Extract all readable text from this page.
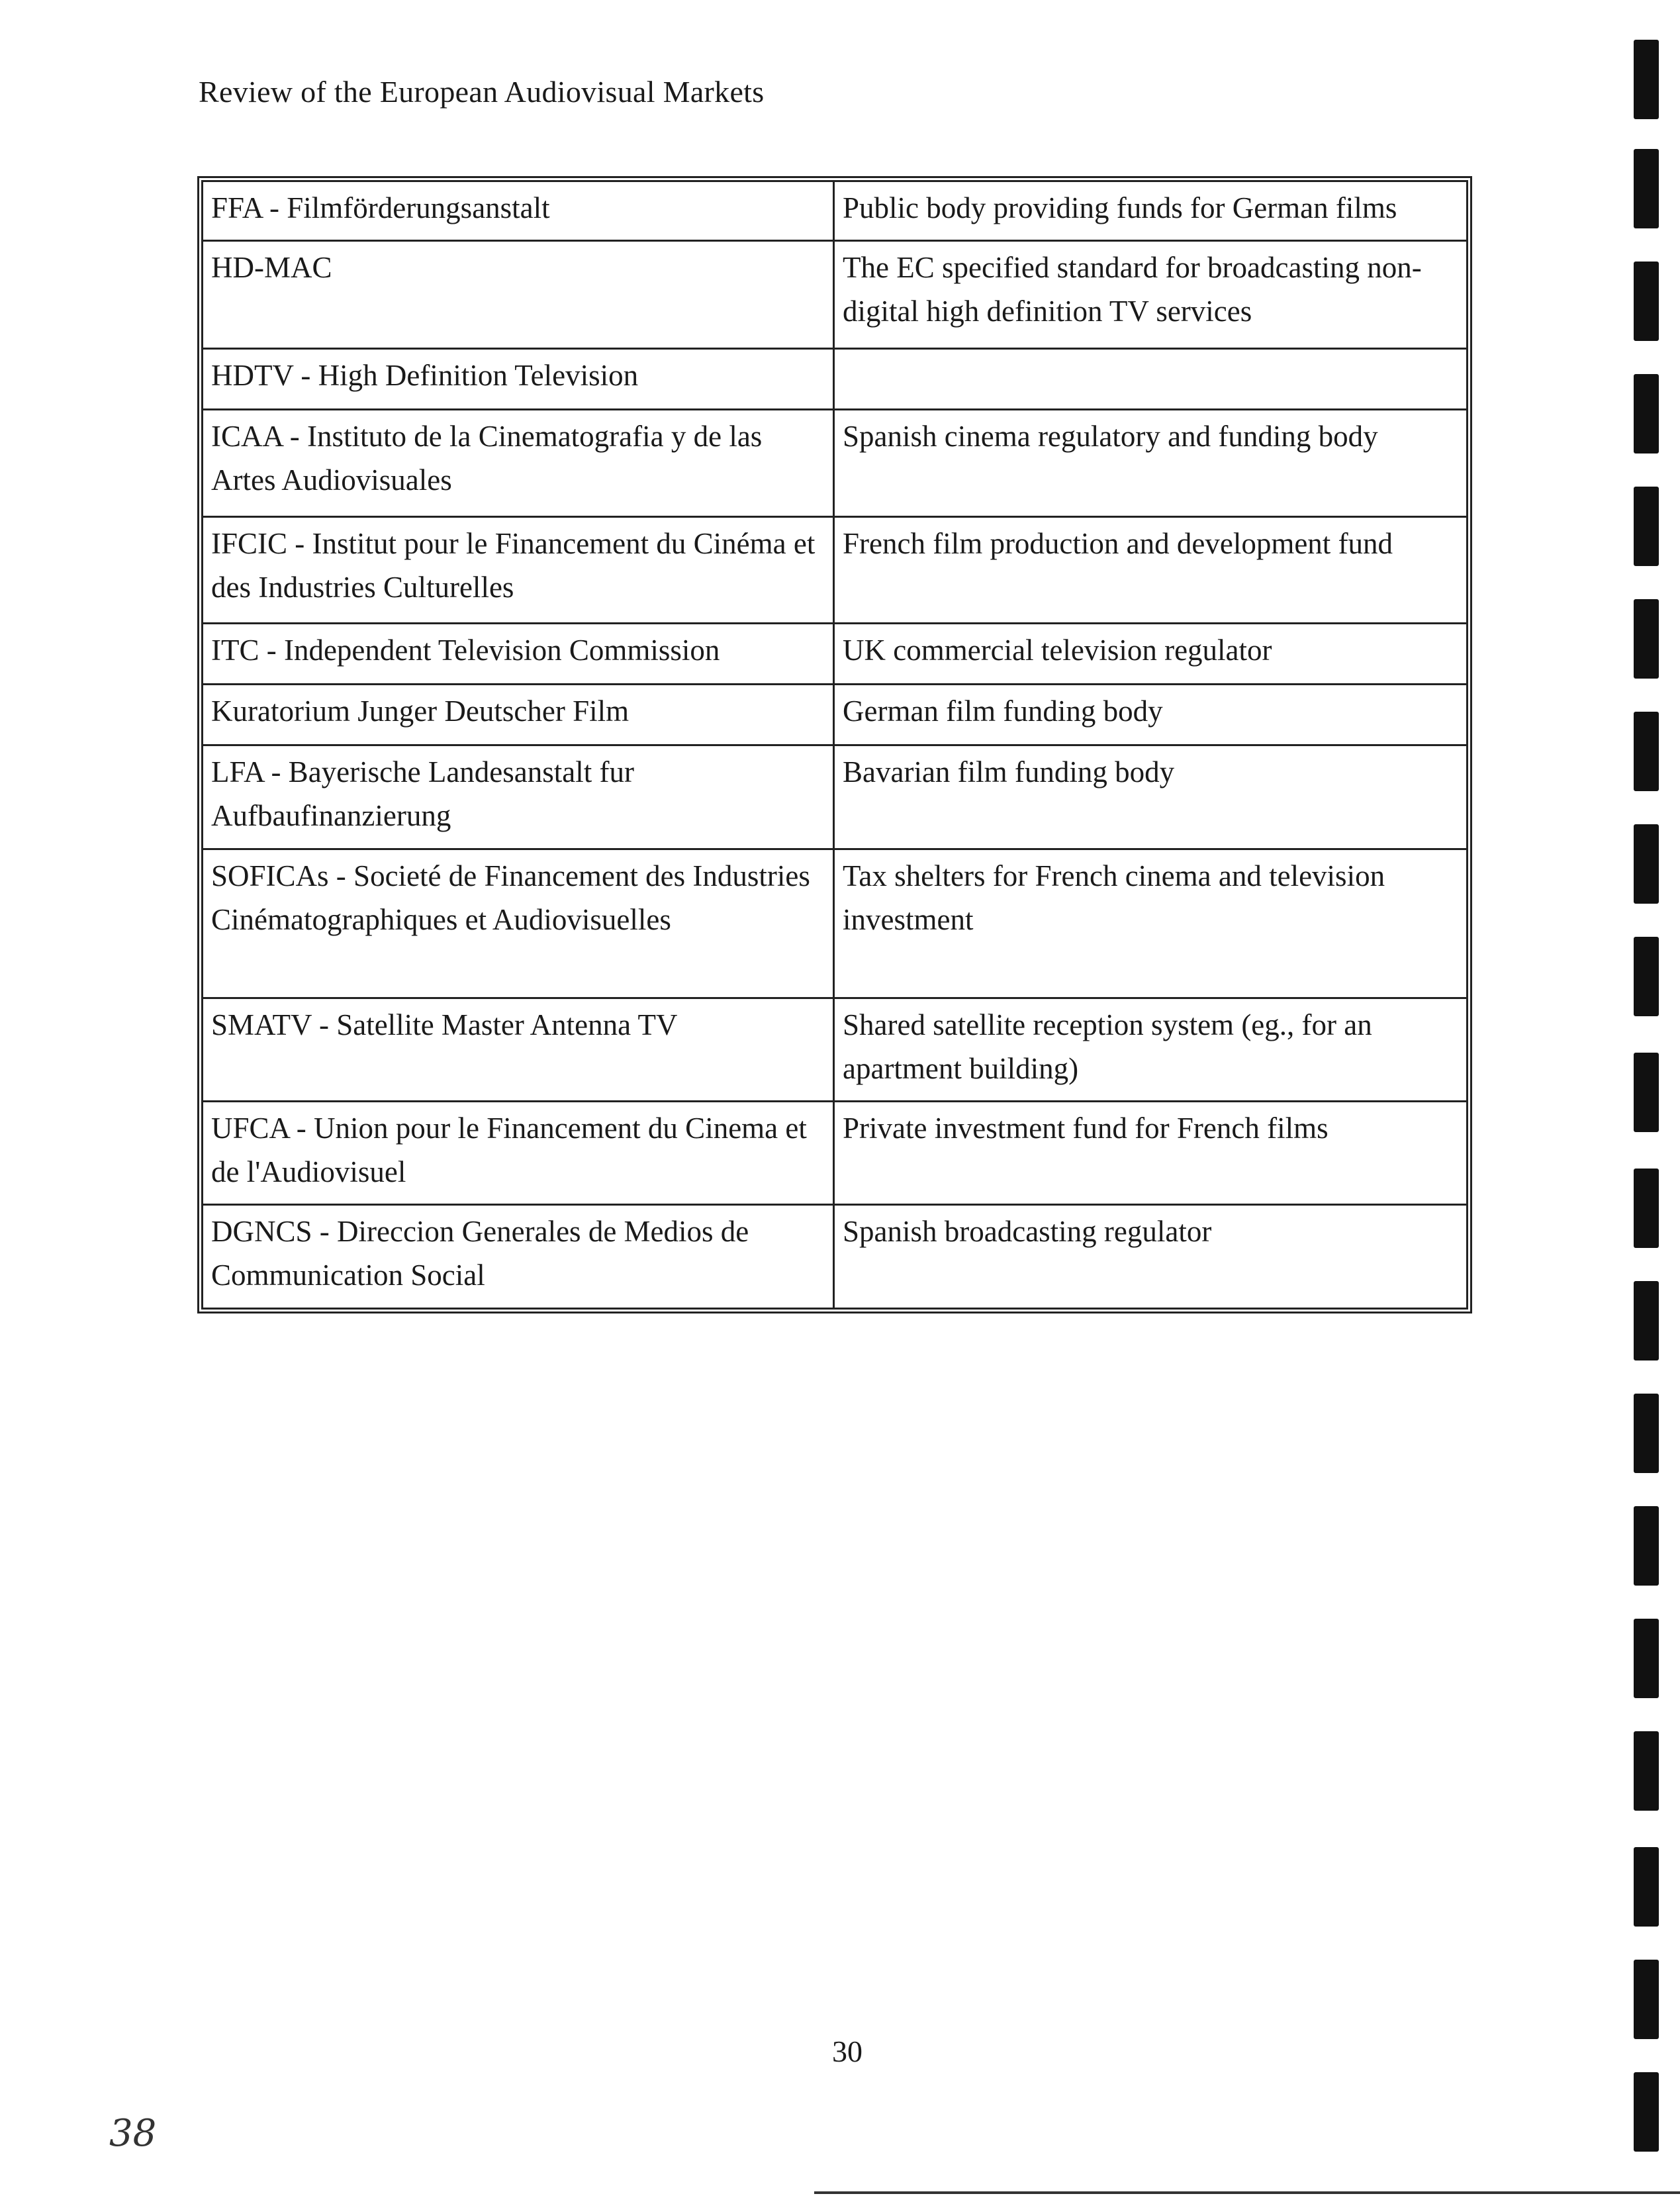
Review of the European Audiovisual Markets
FFA - Filmförderungsanstalt	Public body providing funds for German films
HD-MAC	The EC specified standard for broadcasting non-digital high definition TV services
HDTV - High Definition Television	
ICAA - Instituto de la Cinematografia y de las Artes Audiovisuales	Spanish cinema regulatory and funding body
IFCIC - Institut pour le Financement du Cinéma et des Industries Culturelles	French film production and development fund
ITC - Independent Television Commission	UK commercial television regulator
Kuratorium Junger Deutscher Film	German film funding body
LFA - Bayerische Landesanstalt fur Aufbaufinanzierung	Bavarian film funding body
SOFICAs - Societé de Financement des Industries Cinématographiques et Audiovisuelles	Tax shelters for French cinema and television investment
SMATV - Satellite Master Antenna TV	Shared satellite reception system (eg., for an apartment building)
UFCA - Union pour le Financement du Cinema et de l'Audiovisuel	Private investment fund for French films
DGNCS - Direccion Generales de Medios de Communication Social	Spanish broadcasting regulator
30
38
